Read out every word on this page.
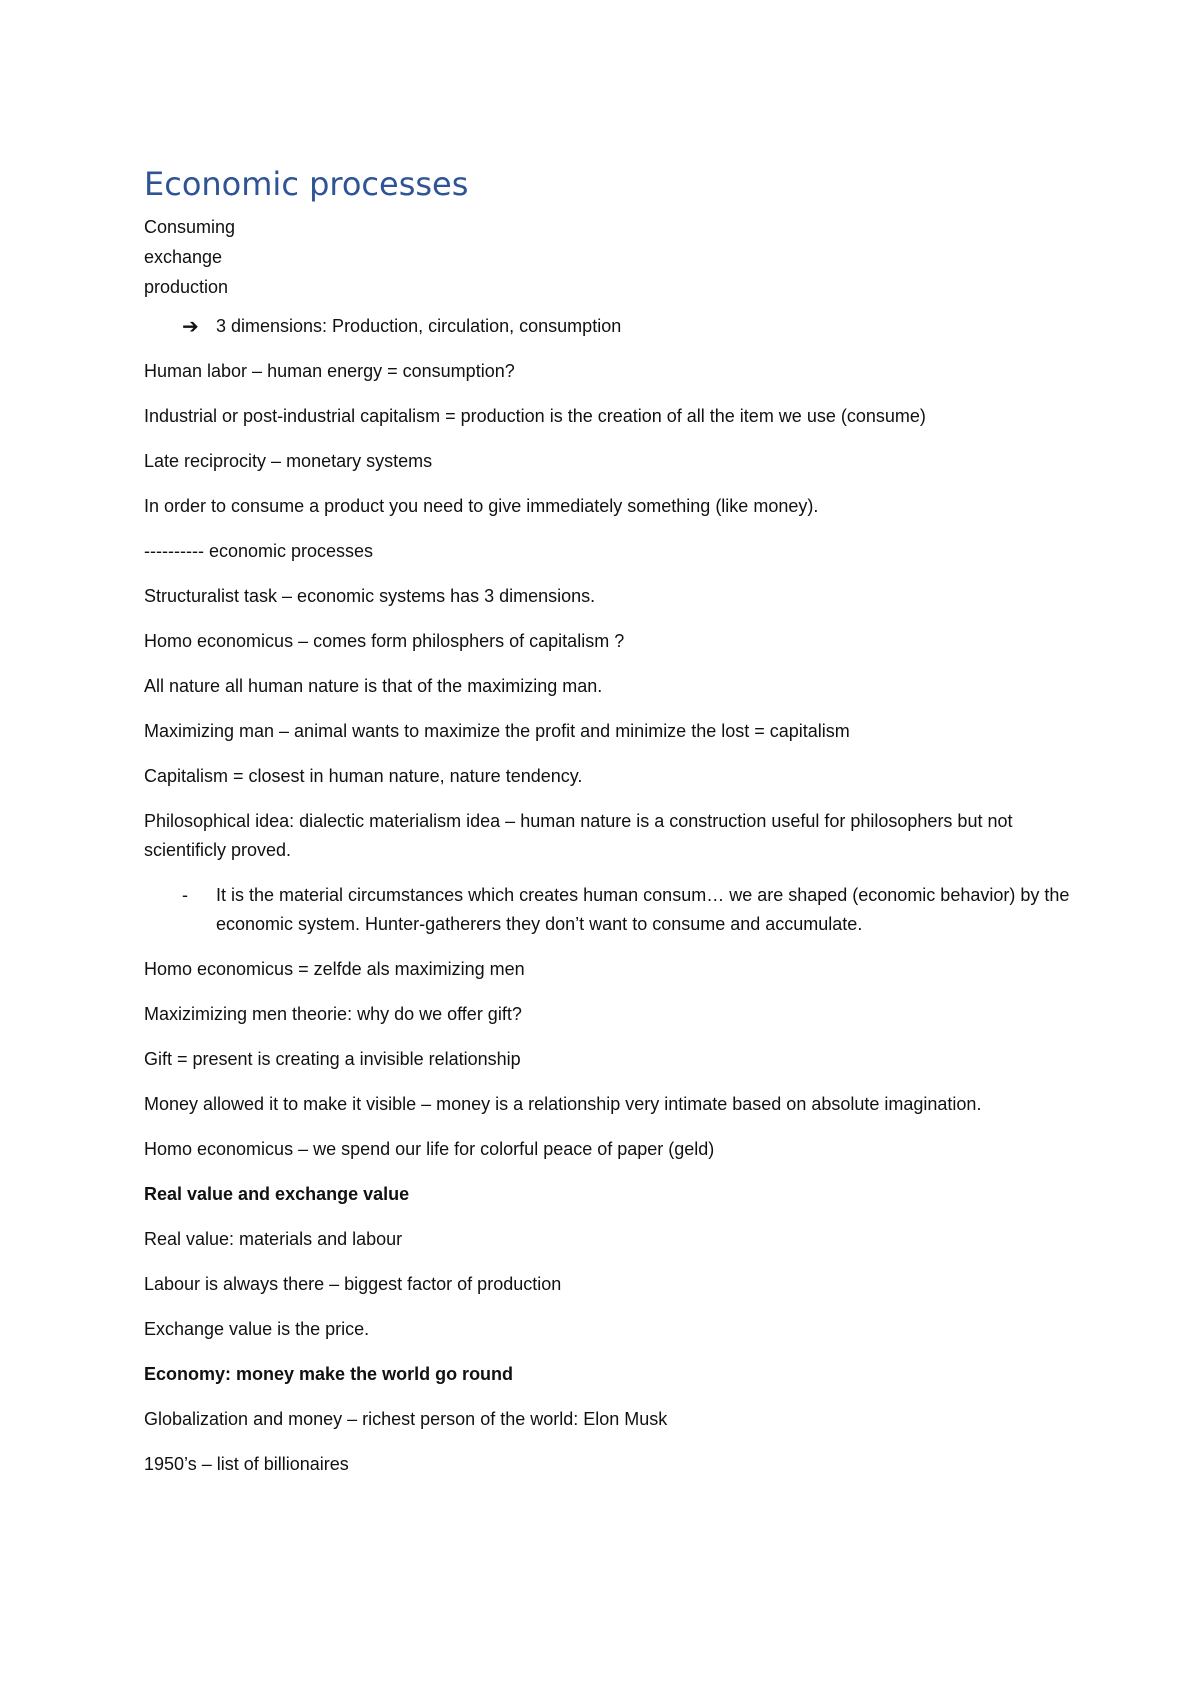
Economic processes

Consuming

exchange

production

➔ 3 dimensions: Production, circulation, consumption

Human labor – human energy = consumption?

Industrial or post-industrial capitalism = production is the creation of all the item we use (consume)

Late reciprocity – monetary systems

In order to consume a product you need to give immediately something (like money).

---------- economic processes

Structuralist task – economic systems has 3 dimensions.

Homo economicus – comes form philosphers of capitalism ?

All nature all human nature is that of the maximizing man.

Maximizing man – animal wants to maximize the profit and minimize the lost = capitalism

Capitalism = closest in human nature, nature tendency.

Philosophical idea: dialectic materialism idea – human nature is a construction useful for philosophers but not scientificly proved.

-	It is the material circumstances which creates human consum… we are shaped (economic behavior) by the economic system. Hunter-gatherers they don’t want to consume and accumulate.

Homo economicus = zelfde als maximizing men

Maxizimizing men theorie: why do we offer gift?

Gift = present is creating a invisible relationship

Money allowed it to make it visible – money is a relationship very intimate based on absolute imagination.

Homo economicus – we spend our life for colorful peace of paper (geld)

Real value and exchange value

Real value: materials and labour

Labour is always there – biggest factor of production

Exchange value is the price.

Economy: money make the world go round

Globalization and money – richest person of the world: Elon Musk

1950’s – list of billionaires
